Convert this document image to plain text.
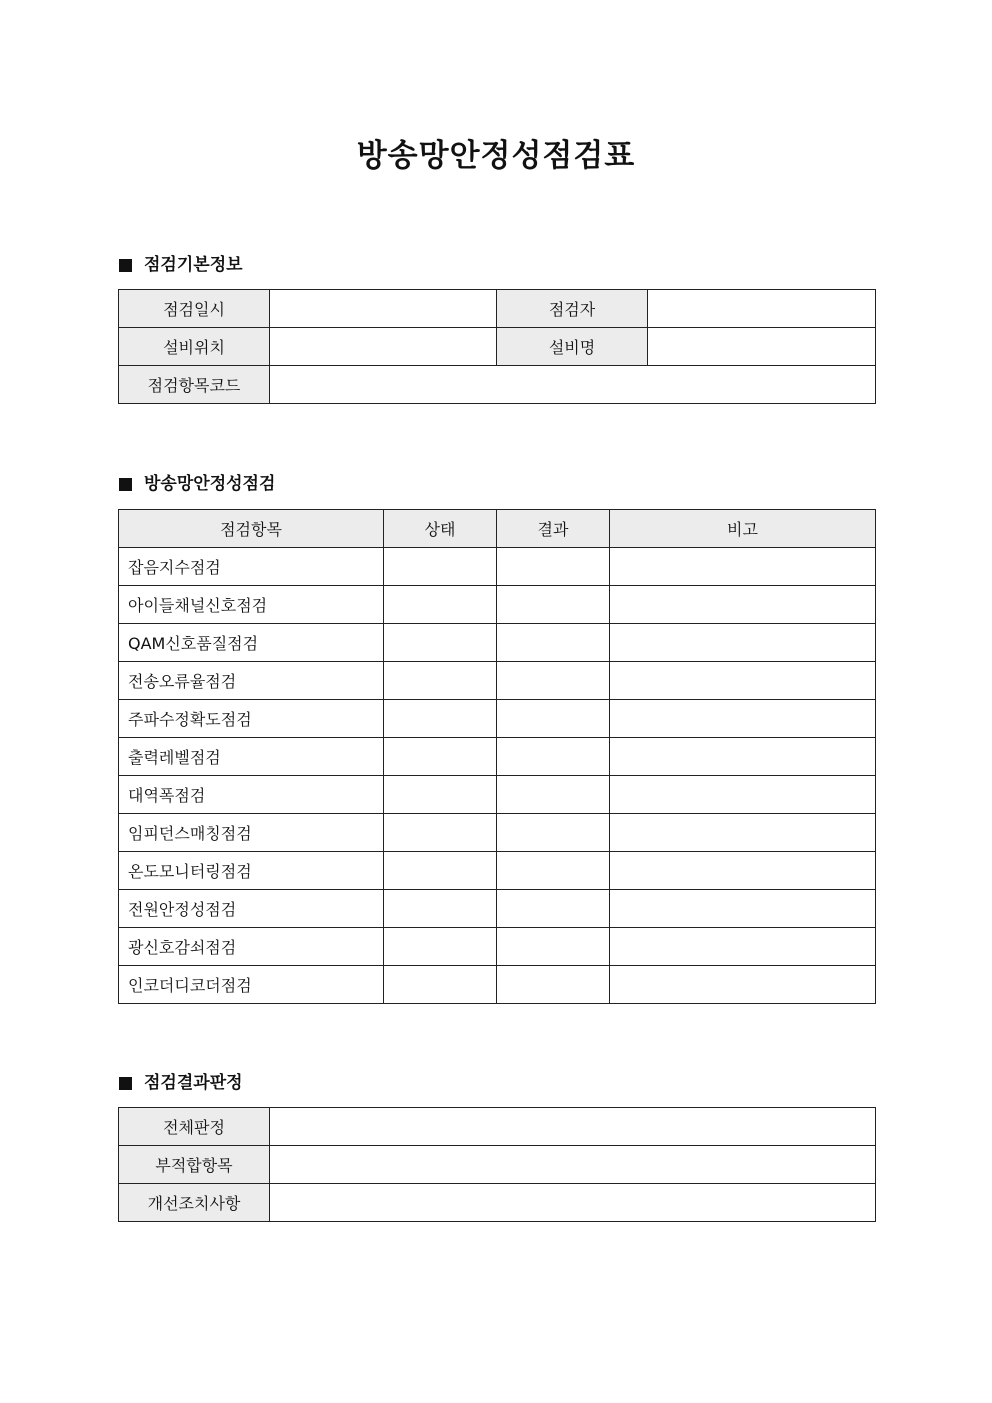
방송망안정성점검표
점검기본정보
점검일시		점검자	
설비위치		설비명	
점검항목코드			
방송망안정성점검
점검항목	상태	결과	비고
잡음지수점검			
아이들채널신호점검			
QAM신호품질점검			
전송오류율점검			
주파수정확도점검			
출력레벨점검			
대역폭점검			
임피던스매칭점검			
온도모니터링점검			
전원안정성점검			
광신호감쇠점검			
인코더디코더점검			
점검결과판정
전체판정	
부적합항목	
개선조치사항	
